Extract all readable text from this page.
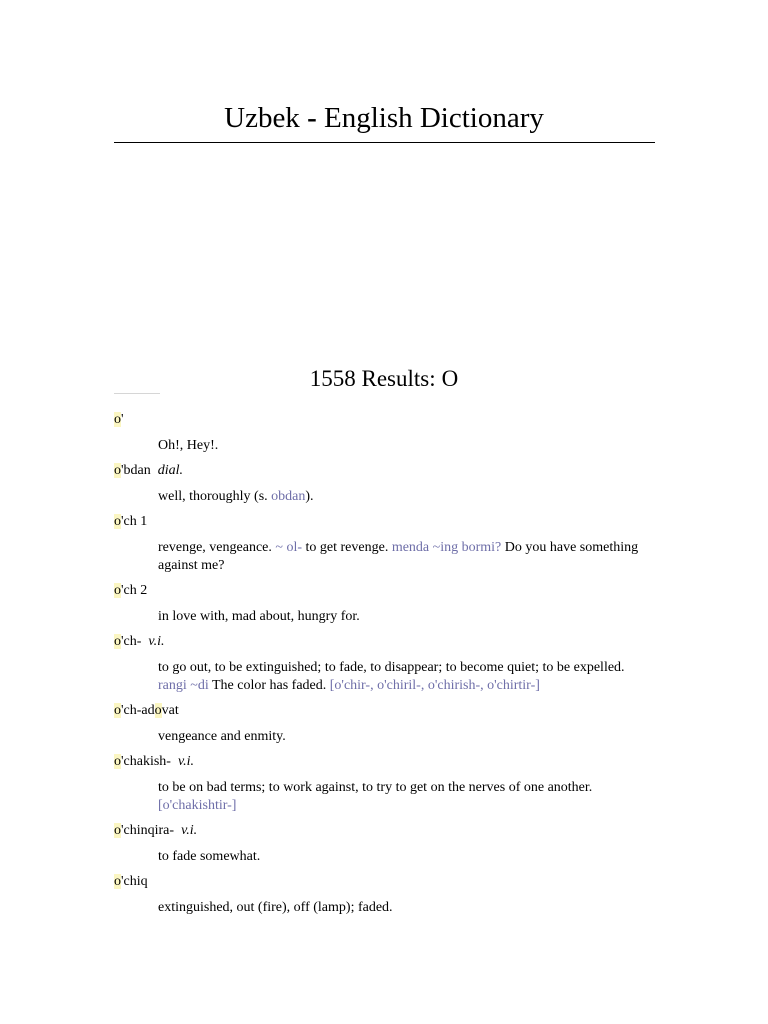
Uzbek - English Dictionary
1558 Results: O
o'
Oh!, Hey!.
o'bdan dial.
well, thoroughly (s. obdan).
o'ch 1
revenge, vengeance. ~ ol- to get revenge. menda ~ing bormi? Do you have something against me?
o'ch 2
in love with, mad about, hungry for.
o'ch- v.i.
to go out, to be extinguished; to fade, to disappear; to become quiet; to be expelled. rangi ~di The color has faded. [o'chir-, o'chiril-, o'chirish-, o'chirtir-]
o'ch-adovat
vengeance and enmity.
o'chakish- v.i.
to be on bad terms; to work against, to try to get on the nerves of one another. [o'chakishtir-]
o'chinqira- v.i.
to fade somewhat.
o'chiq
extinguished, out (fire), off (lamp); faded.
